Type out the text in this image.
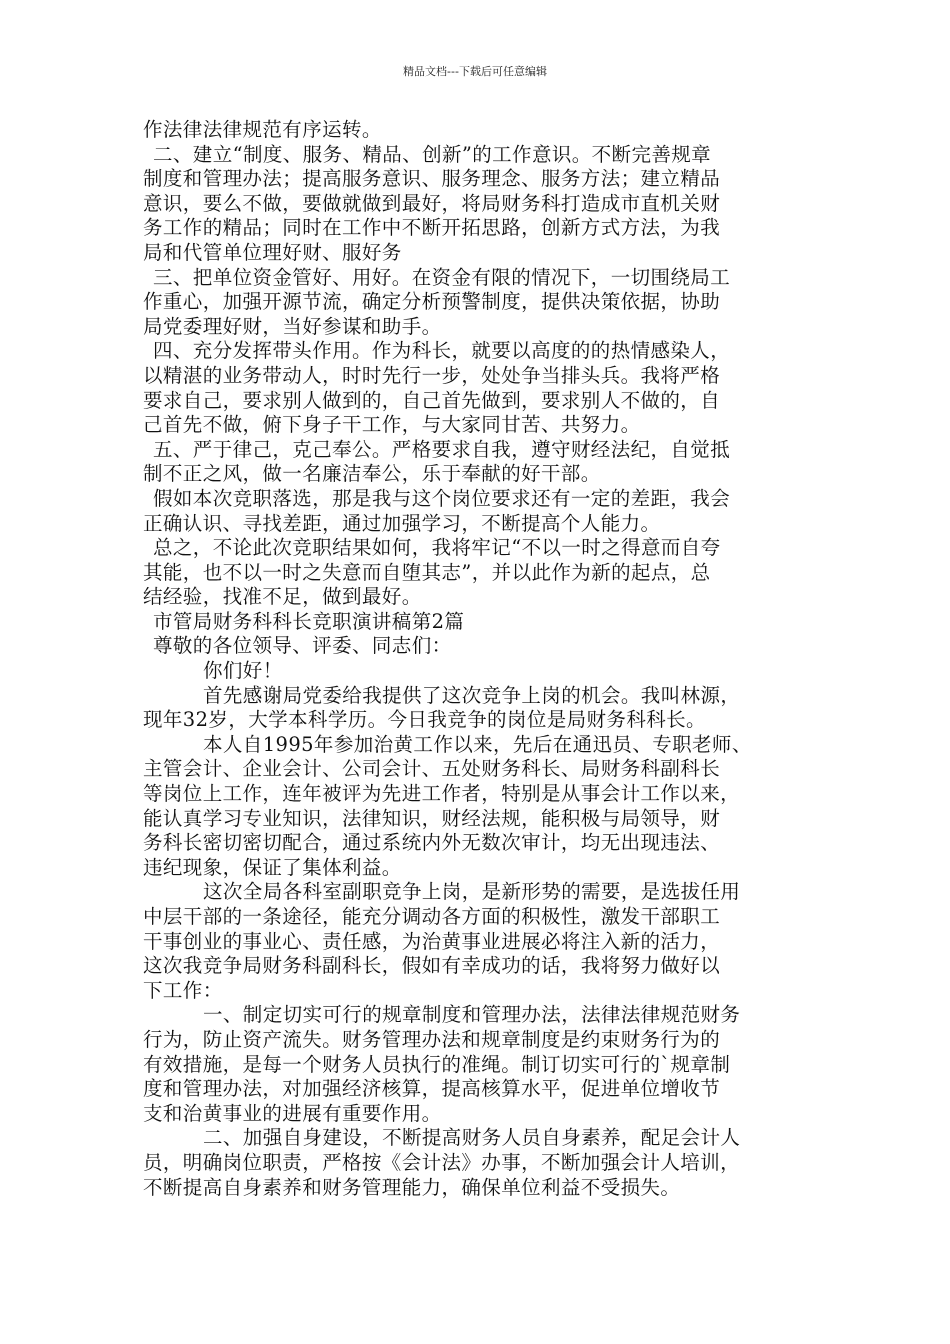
精品文档---下载后可任意编辑
作法律法律规范有序运转。
二、建立“制度、服务、精品、创新”的工作意识。不断完善规章
制度和管理办法；提高服务意识、服务理念、服务方法；建立精品
意识，要么不做，要做就做到最好，将局财务科打造成市直机关财
务工作的精品；同时在工作中不断开拓思路，创新方式方法，为我
局和代管单位理好财、服好务
三、把单位资金管好、用好。在资金有限的情况下，一切围绕局工
作重心，加强开源节流，确定分析预警制度，提供决策依据，协助
局党委理好财，当好参谋和助手。
四、充分发挥带头作用。作为科长，就要以高度的的热情感染人，
以精湛的业务带动人，时时先行一步，处处争当排头兵。我将严格
要求自己，要求别人做到的，自己首先做到，要求别人不做的，自
己首先不做，俯下身子干工作，与大家同甘苦、共努力。
五、严于律己，克己奉公。严格要求自我，遵守财经法纪，自觉抵
制不正之风，做一名廉洁奉公，乐于奉献的好干部。
假如本次竞职落选，那是我与这个岗位要求还有一定的差距，我会
正确认识、寻找差距，通过加强学习，不断提高个人能力。
总之，不论此次竞职结果如何，我将牢记“不以一时之得意而自夸
其能，也不以一时之失意而自堕其志”，并以此作为新的起点，总
结经验，找准不足，做到最好。
市管局财务科科长竞职演讲稿第2篇
尊敬的各位领导、评委、同志们：
你们好！
首先感谢局党委给我提供了这次竞争上岗的机会。我叫林源，
现年32岁，大学本科学历。今日我竞争的岗位是局财务科科长。
本人自1995年参加治黄工作以来，先后在通迅员、专职老师、
主管会计、企业会计、公司会计、五处财务科长、局财务科副科长
等岗位上工作，连年被评为先进工作者，特别是从事会计工作以来，
能认真学习专业知识，法律知识，财经法规，能积极与局领导，财
务科长密切密切配合，通过系统内外无数次审计，均无出现违法、
违纪现象，保证了集体利益。
这次全局各科室副职竞争上岗，是新形势的需要，是选拔任用
中层干部的一条途径，能充分调动各方面的积极性，激发干部职工
干事创业的事业心、责任感，为治黄事业进展必将注入新的活力，
这次我竞争局财务科副科长，假如有幸成功的话，我将努力做好以
下工作：
一、制定切实可行的规章制度和管理办法，法律法律规范财务
行为，防止资产流失。财务管理办法和规章制度是约束财务行为的
有效措施，是每一个财务人员执行的准绳。制订切实可行的`规章制
度和管理办法，对加强经济核算，提高核算水平，促进单位增收节
支和治黄事业的进展有重要作用。
二、加强自身建设，不断提高财务人员自身素养，配足会计人
员，明确岗位职责，严格按《会计法》办事，不断加强会计人培训，
不断提高自身素养和财务管理能力，确保单位利益不受损失。
